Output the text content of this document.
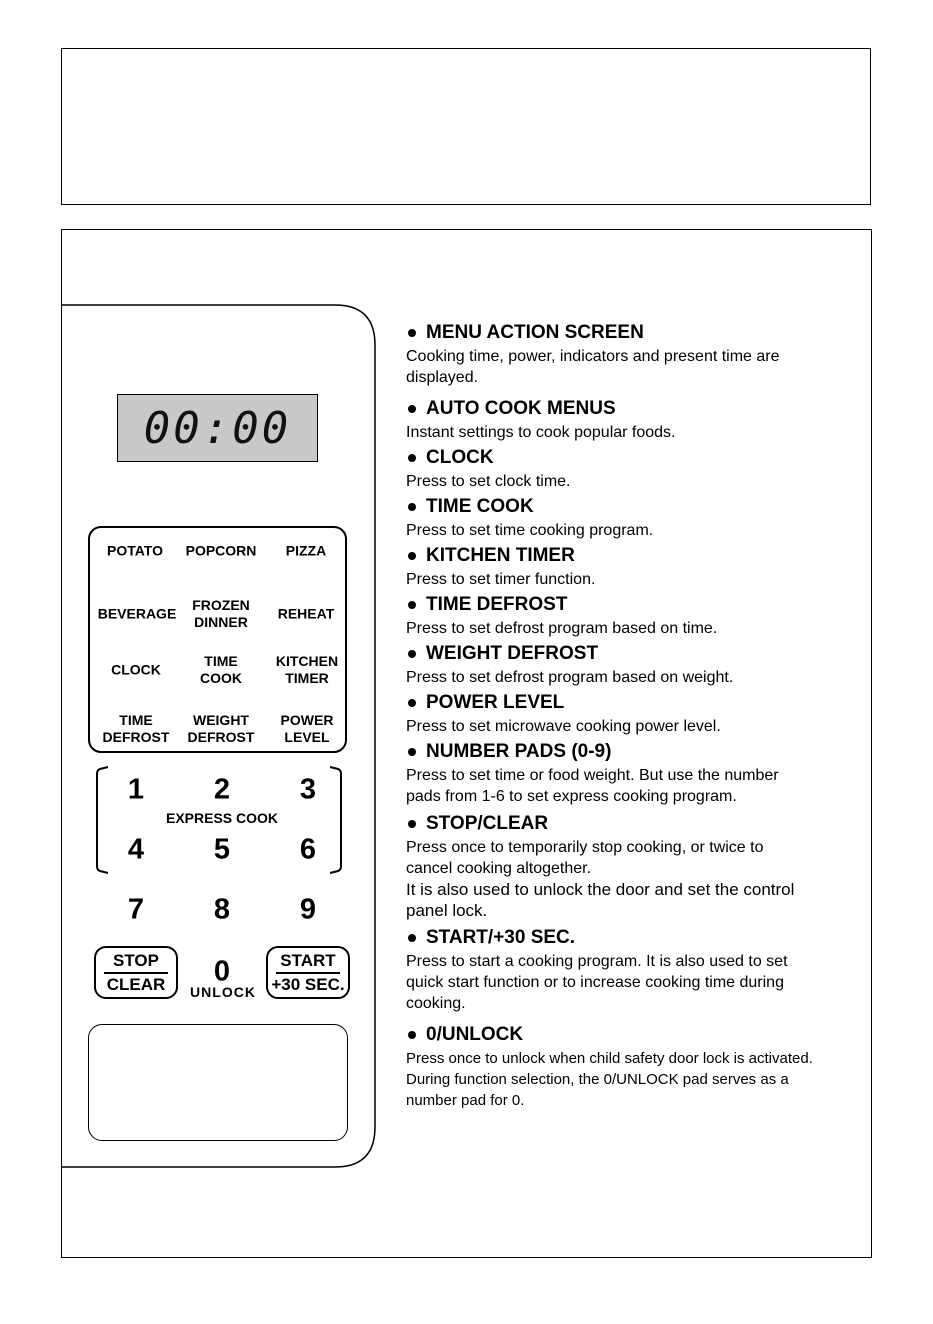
00:00
POTATO POPCORN PIZZA
BEVERAGE
FROZEN
DINNER
REHEAT
CLOCK
TIME
COOK
KITCHEN
TIMER
TIME
DEFROST
WEIGHT
DEFROST
POWER
LEVEL
1 2 3
EXPRESS COOK
4 5 6
7 8 9
0
UNLOCK
STOP
CLEAR
START
+30 SEC.
MENU ACTION SCREEN

Cooking time, power, indicators and present time are

displayed.

AUTO COOK MENUS

Instant settings to cook popular foods.

CLOCK

Press to set clock time.

TIME COOK

Press to set time cooking program.

KITCHEN TIMER

Press to set timer function.

TIME DEFROST

Press to set defrost program based on time.

WEIGHT DEFROST

Press to set defrost program based on weight.

POWER LEVEL

Press to set microwave cooking power level.

NUMBER PADS (0-9)

Press to set time or food weight. But use the number

pads from 1-6 to set express cooking program.

STOP/CLEAR

Press once to temporarily stop cooking, or twice to

cancel cooking altogether.

It is also used to unlock the door and set the control

panel lock.

START/+30 SEC.

Press to start a cooking program. It is also used to set

quick start function or to increase cooking time during

cooking.

0/UNLOCK

Press once to unlock when child safety door lock is activated.

During function selection, the 0/UNLOCK pad serves as a

number pad for 0.
